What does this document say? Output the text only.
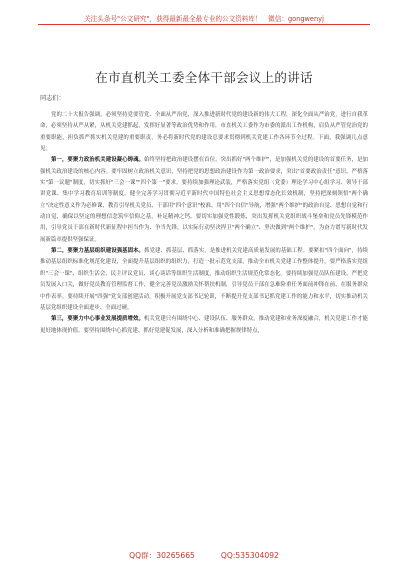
关注头条号"公文研究"，获得最新最全最专业的公文资料库！　微信：gongwenyj
在市直机关工委全体干部会议上的讲话
同志们：

党的二十大报告强调，必须坚持党要管党、全面从严治党，深入推进新时代党的建设新的伟大工程，深化全面从严治党，进行自我革命，必须坚持从严从紧，从机关党建抓起，发挥好显著等政治优势和作用，市直机关工委作为市委的派出工作机构，肩负从严管党治党的重要职能，担负抓严抓实机关党建的重要职责，务必将新时代党的建设总要求贯彻到机关党建工作各环节全过程。下面，我强调几点意见。

第一，要聚力政治机关建设凝心铸魂。始终坚持把政治建设摆在首位，突出抓好"两个维护"，是加强机关党的建设的首要任务，是加强机关政治建设的核心内容。要牢固树立政治机关意识，坚持把党的思想政治建设作为第一政治要求，突出"首要政治责任"意识，严格落实"第一议题"制度，切实抓好"三会一课""四个第一"要求。要持续加强理论武装，严格落实党组（党委）理论学习中心组学习、领导干部讲党课、集中学习教育培训等制度。健全完善学习贯彻习近平新时代中国特色社会主义思想常态化长效机制，坚持把深刻领悟"两个确立"决定性意义作为必修课，教育引导机关党员、干部用"四个意识"校准、用"四个自信"导航，增强"两个维护"的政治自觉、思想自觉和行动自觉，确保以坚定的理想信念筑牢信仰之基，补足精神之钙。要切实加强党性锻炼，突出发挥机关党组织战斗堡垒和党员先锋模范作用，引导党员干部在新时代新征程中担当作为、争当先锋，以实际行动坚决捍卫"两个确立"、坚决做到"两个维护"，为奋力谱写新时代发展新篇章提供坚强保证。

第二，要聚力基层组织建设强基固本。抓党建、抓基层、抓落实，是推进机关党建高质量发展的基础工程。要紧扣"四个面向"，持续推动基层组织标准化规范化建设，全面提升基层组织的组织力，打造一批示范党支部，推动全市机关党建工作整体提升。要严格落实党组织"三会一课"、组织生活会、民主评议党员、谈心谈话等组织生活制度，推动组织生活规范化常态化。要持续加强党员队伍建设，严把党员发展入口关，做好党员教育管理监督工作，健全完善党员激励关怀帮扶机制，引导党员干部在急难险重任务面前冲锋在前、在服务群众中作表率。要持续开展"四强"党支部创建活动，积极开展党支部书记轮训，不断提升党支部书记抓党建工作的能力和水平，切实推动机关基层党组织建设全面进步、全面过硬。

第三，要聚力中心事业发展提质增效。机关党建只有围绕中心、建设队伍、服务群众，推动党建和业务深度融合，机关党建工作才能更好地体现价值。要坚持围绕中心抓党建、抓好党建促发展，深入分析和准确把握规律特点，

QQ群：30265665	QQ:535304092
